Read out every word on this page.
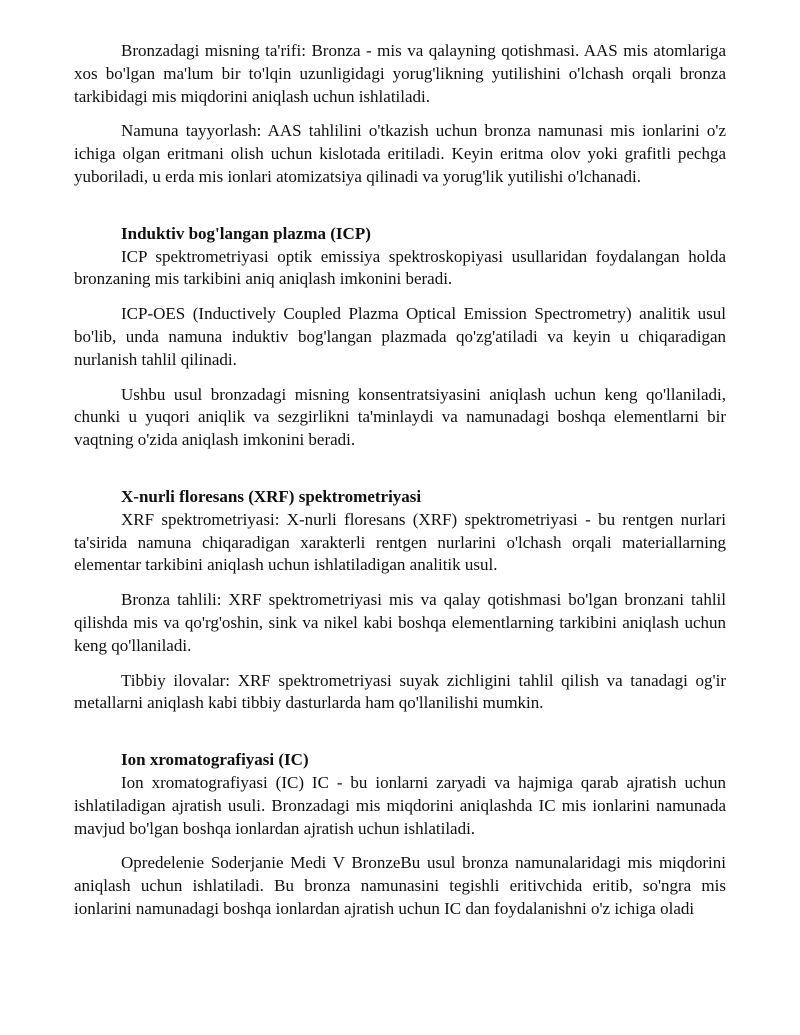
Bronzadagi misning ta'rifi: Bronza - mis va qalayning qotishmasi. AAS mis atomlariga xos bo'lgan ma'lum bir to'lqin uzunligidagi yorug'likning yutilishini o'lchash orqali bronza tarkibidagi mis miqdorini aniqlash uchun ishlatiladi.

Namuna tayyorlash: AAS tahlilini o'tkazish uchun bronza namunasi mis ionlarini o'z ichiga olgan eritmani olish uchun kislotada eritiladi. Keyin eritma olov yoki grafitli pechga yuboriladi, u erda mis ionlari atomizatsiya qilinadi va yorug'lik yutilishi o'lchanadi.

Induktiv bog'langan plazma (ICP)

ICP spektrometriyasi optik emissiya spektroskopiyasi usullaridan foydalangan holda bronzaning mis tarkibini aniq aniqlash imkonini beradi.

ICP-OES (Inductively Coupled Plazma Optical Emission Spectrometry) analitik usul bo'lib, unda namuna induktiv bog'langan plazmada qo'zg'atiladi va keyin u chiqaradigan nurlanish tahlil qilinadi.

Ushbu usul bronzadagi misning konsentratsiyasini aniqlash uchun keng qo'llaniladi, chunki u yuqori aniqlik va sezgirlikni ta'minlaydi va namunadagi boshqa elementlarni bir vaqtning o'zida aniqlash imkonini beradi.

X-nurli floresans (XRF) spektrometriyasi

XRF spektrometriyasi: X-nurli floresans (XRF) spektrometriyasi - bu rentgen nurlari ta'sirida namuna chiqaradigan xarakterli rentgen nurlarini o'lchash orqali materiallarning elementar tarkibini aniqlash uchun ishlatiladigan analitik usul.

Bronza tahlili: XRF spektrometriyasi mis va qalay qotishmasi bo'lgan bronzani tahlil qilishda mis va qo'rg'oshin, sink va nikel kabi boshqa elementlarning tarkibini aniqlash uchun keng qo'llaniladi.

Tibbiy ilovalar: XRF spektrometriyasi suyak zichligini tahlil qilish va tanadagi og'ir metallarni aniqlash kabi tibbiy dasturlarda ham qo'llanilishi mumkin.

Ion xromatografiyasi (IC)

Ion xromatografiyasi (IC) IC - bu ionlarni zaryadi va hajmiga qarab ajratish uchun ishlatiladigan ajratish usuli. Bronzadagi mis miqdorini aniqlashda IC mis ionlarini namunada mavjud bo'lgan boshqa ionlardan ajratish uchun ishlatiladi.

Opredelenie Soderjanie Medi V BronzeBu usul bronza namunalaridagi mis miqdorini aniqlash uchun ishlatiladi. Bu bronza namunasini tegishli eritivchida eritib, so'ngra mis ionlarini namunadagi boshqa ionlardan ajratish uchun IC dan foydalanishni o'z ichiga oladi
